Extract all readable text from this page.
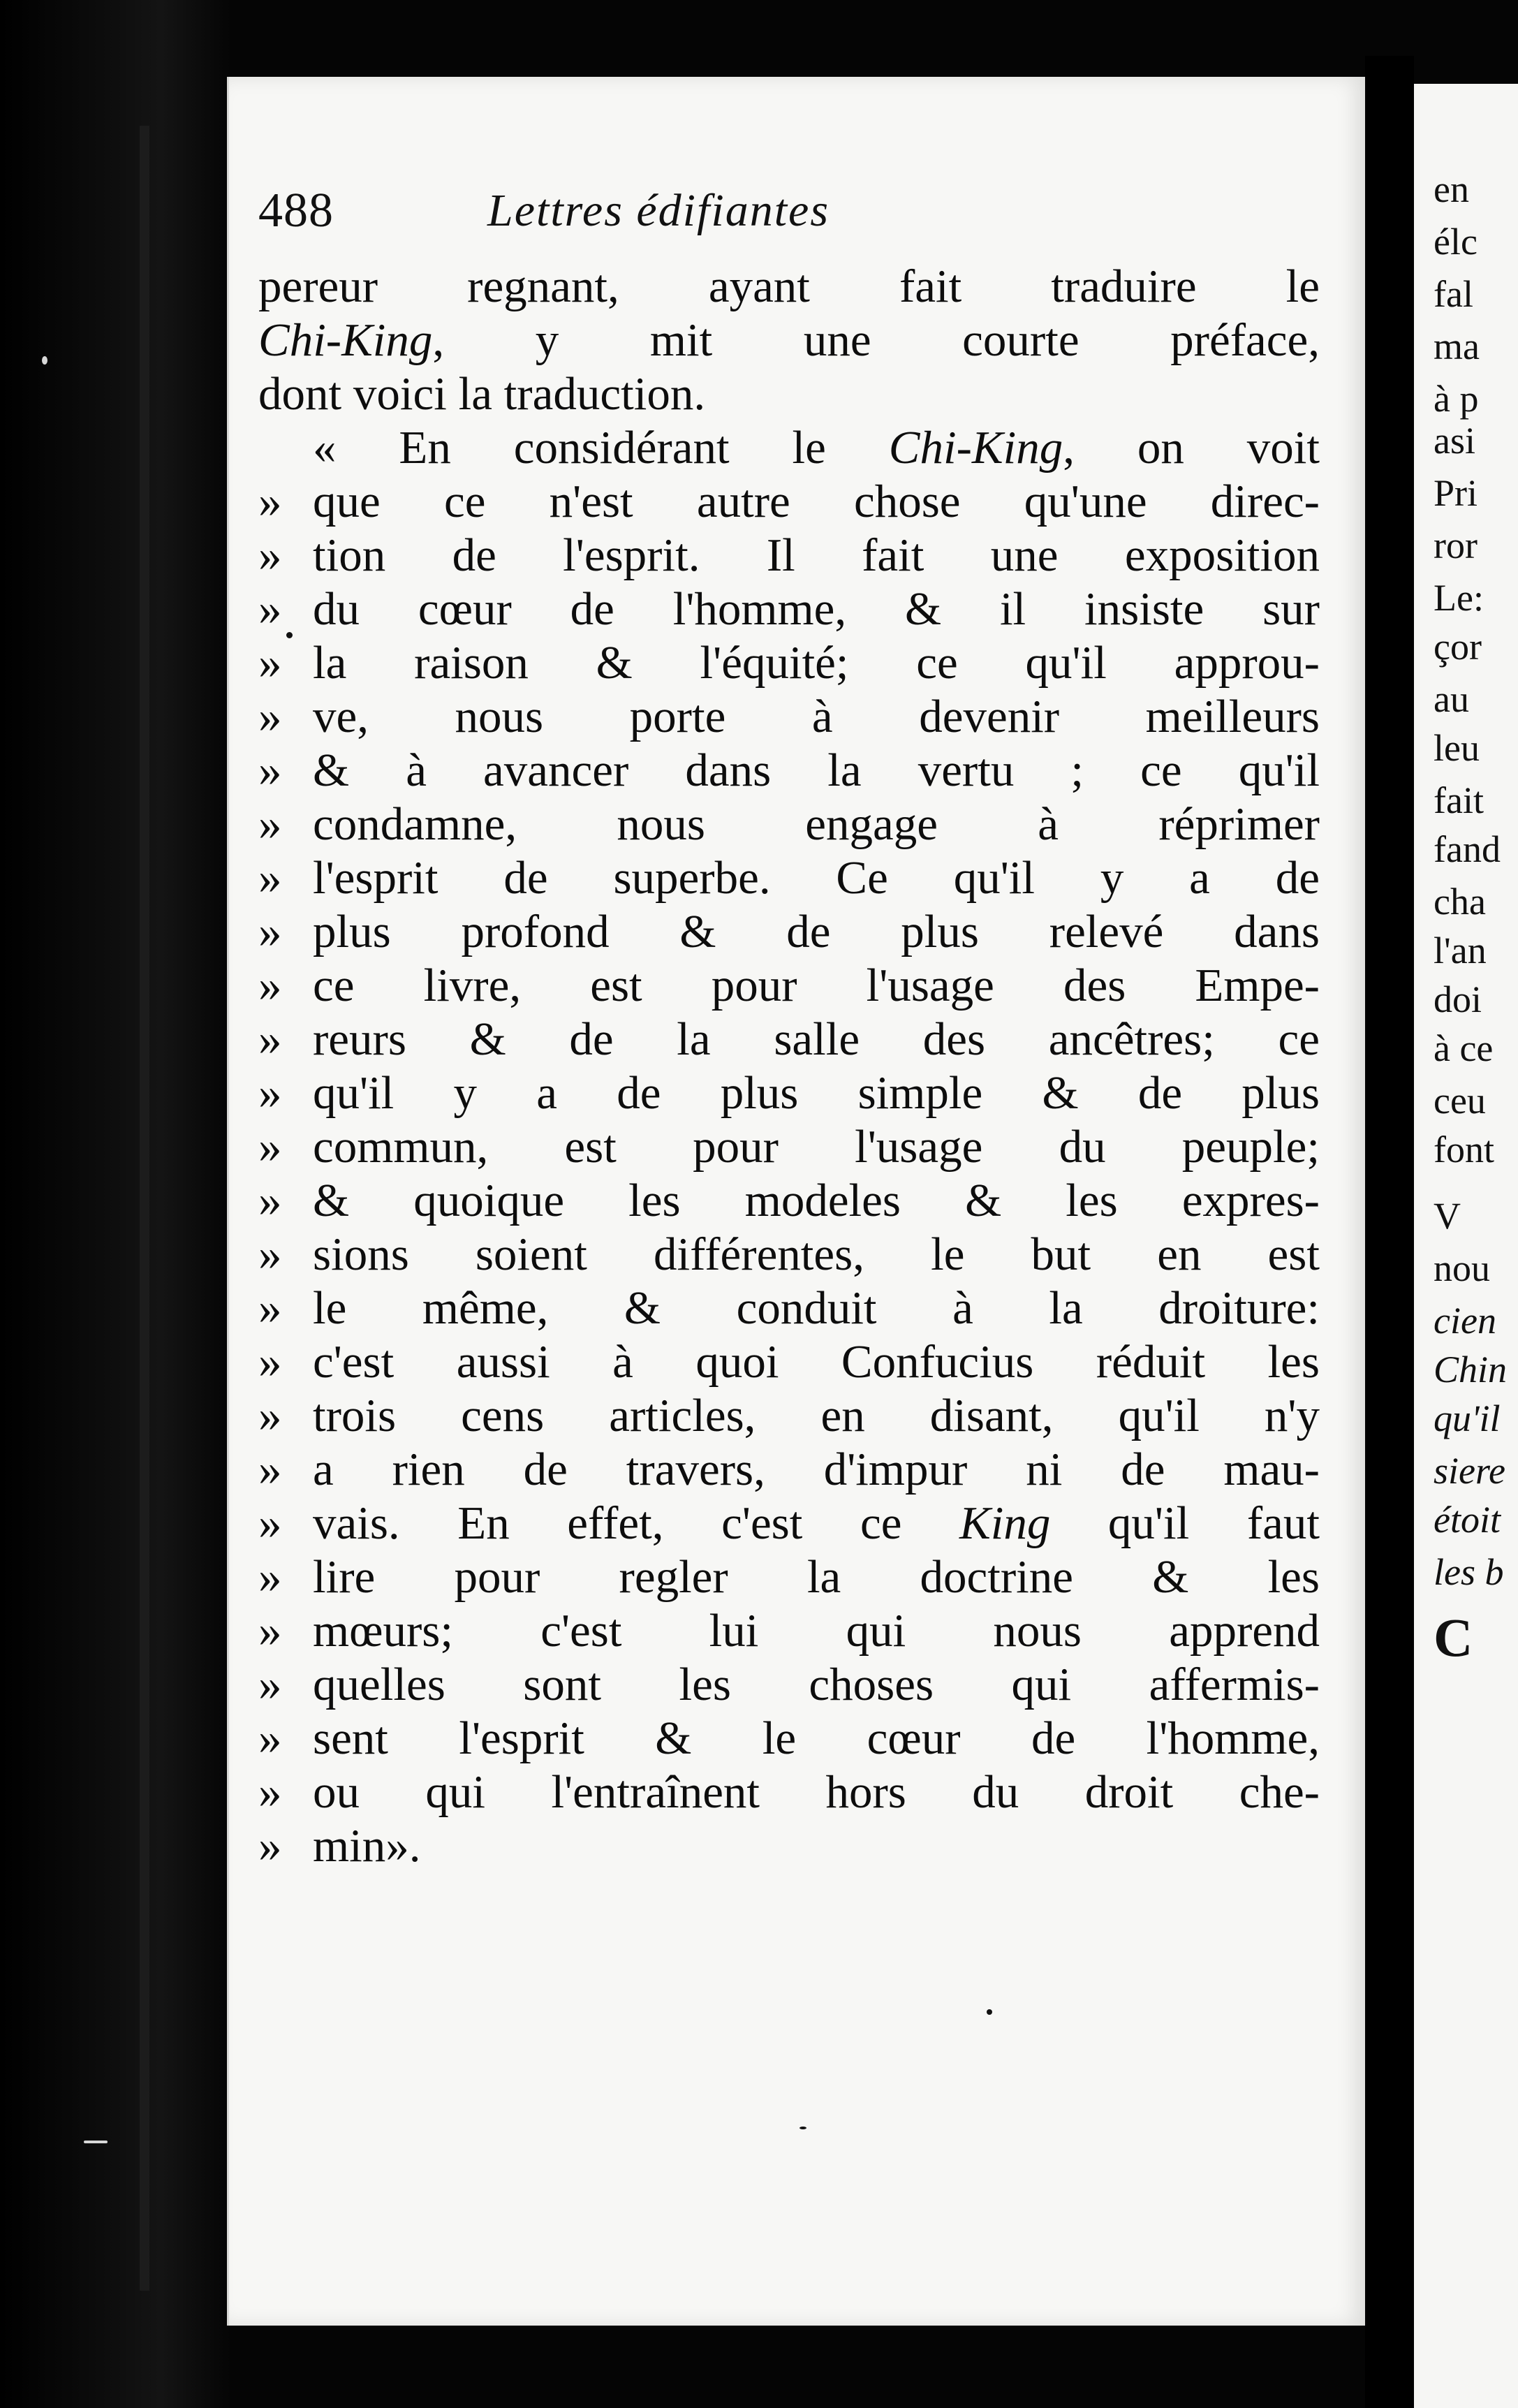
488	Lettres édifiantes
pereur regnant, ayant fait traduire le
Chi-King, y mit une courte préface,
dont voici la traduction.
« En considérant le Chi-King, on voit
» que ce n'est autre chose qu'une direc-
» tion de l'esprit. Il fait une exposition
» du cœur de l'homme, & il insiste sur
» la raison & l'équité; ce qu'il approu-
» ve, nous porte à devenir meilleurs
» & à avancer dans la vertu ; ce qu'il
» condamne, nous engage à réprimer
» l'esprit de superbe. Ce qu'il y a de
» plus profond & de plus relevé dans
» ce livre, est pour l'usage des Empe-
» reurs & de la salle des ancêtres; ce
» qu'il y a de plus simple & de plus
» commun, est pour l'usage du peuple;
» & quoique les modeles & les expres-
» sions soient différentes, le but en est
» le même, & conduit à la droiture:
» c'est aussi à quoi Confucius réduit les
» trois cens articles, en disant, qu'il n'y
» a rien de travers, d'impur ni de mau-
» vais. En effet, c'est ce King qu'il faut
» lire pour regler la doctrine & les
» mœurs; c'est lui qui nous apprend
» quelles sont les choses qui affermis-
» sent l'esprit & le cœur de l'homme,
» ou qui l'entraînent hors du droit che-
» min».
en
élc
fal
ma
à p
asi
Pri
ror
Le:
çor
au
leu
fait
fand
cha
l'an
doi
à ce
ceu
font
V
nou
cien
Chin
qu'il
siere
étoit
les b
C
